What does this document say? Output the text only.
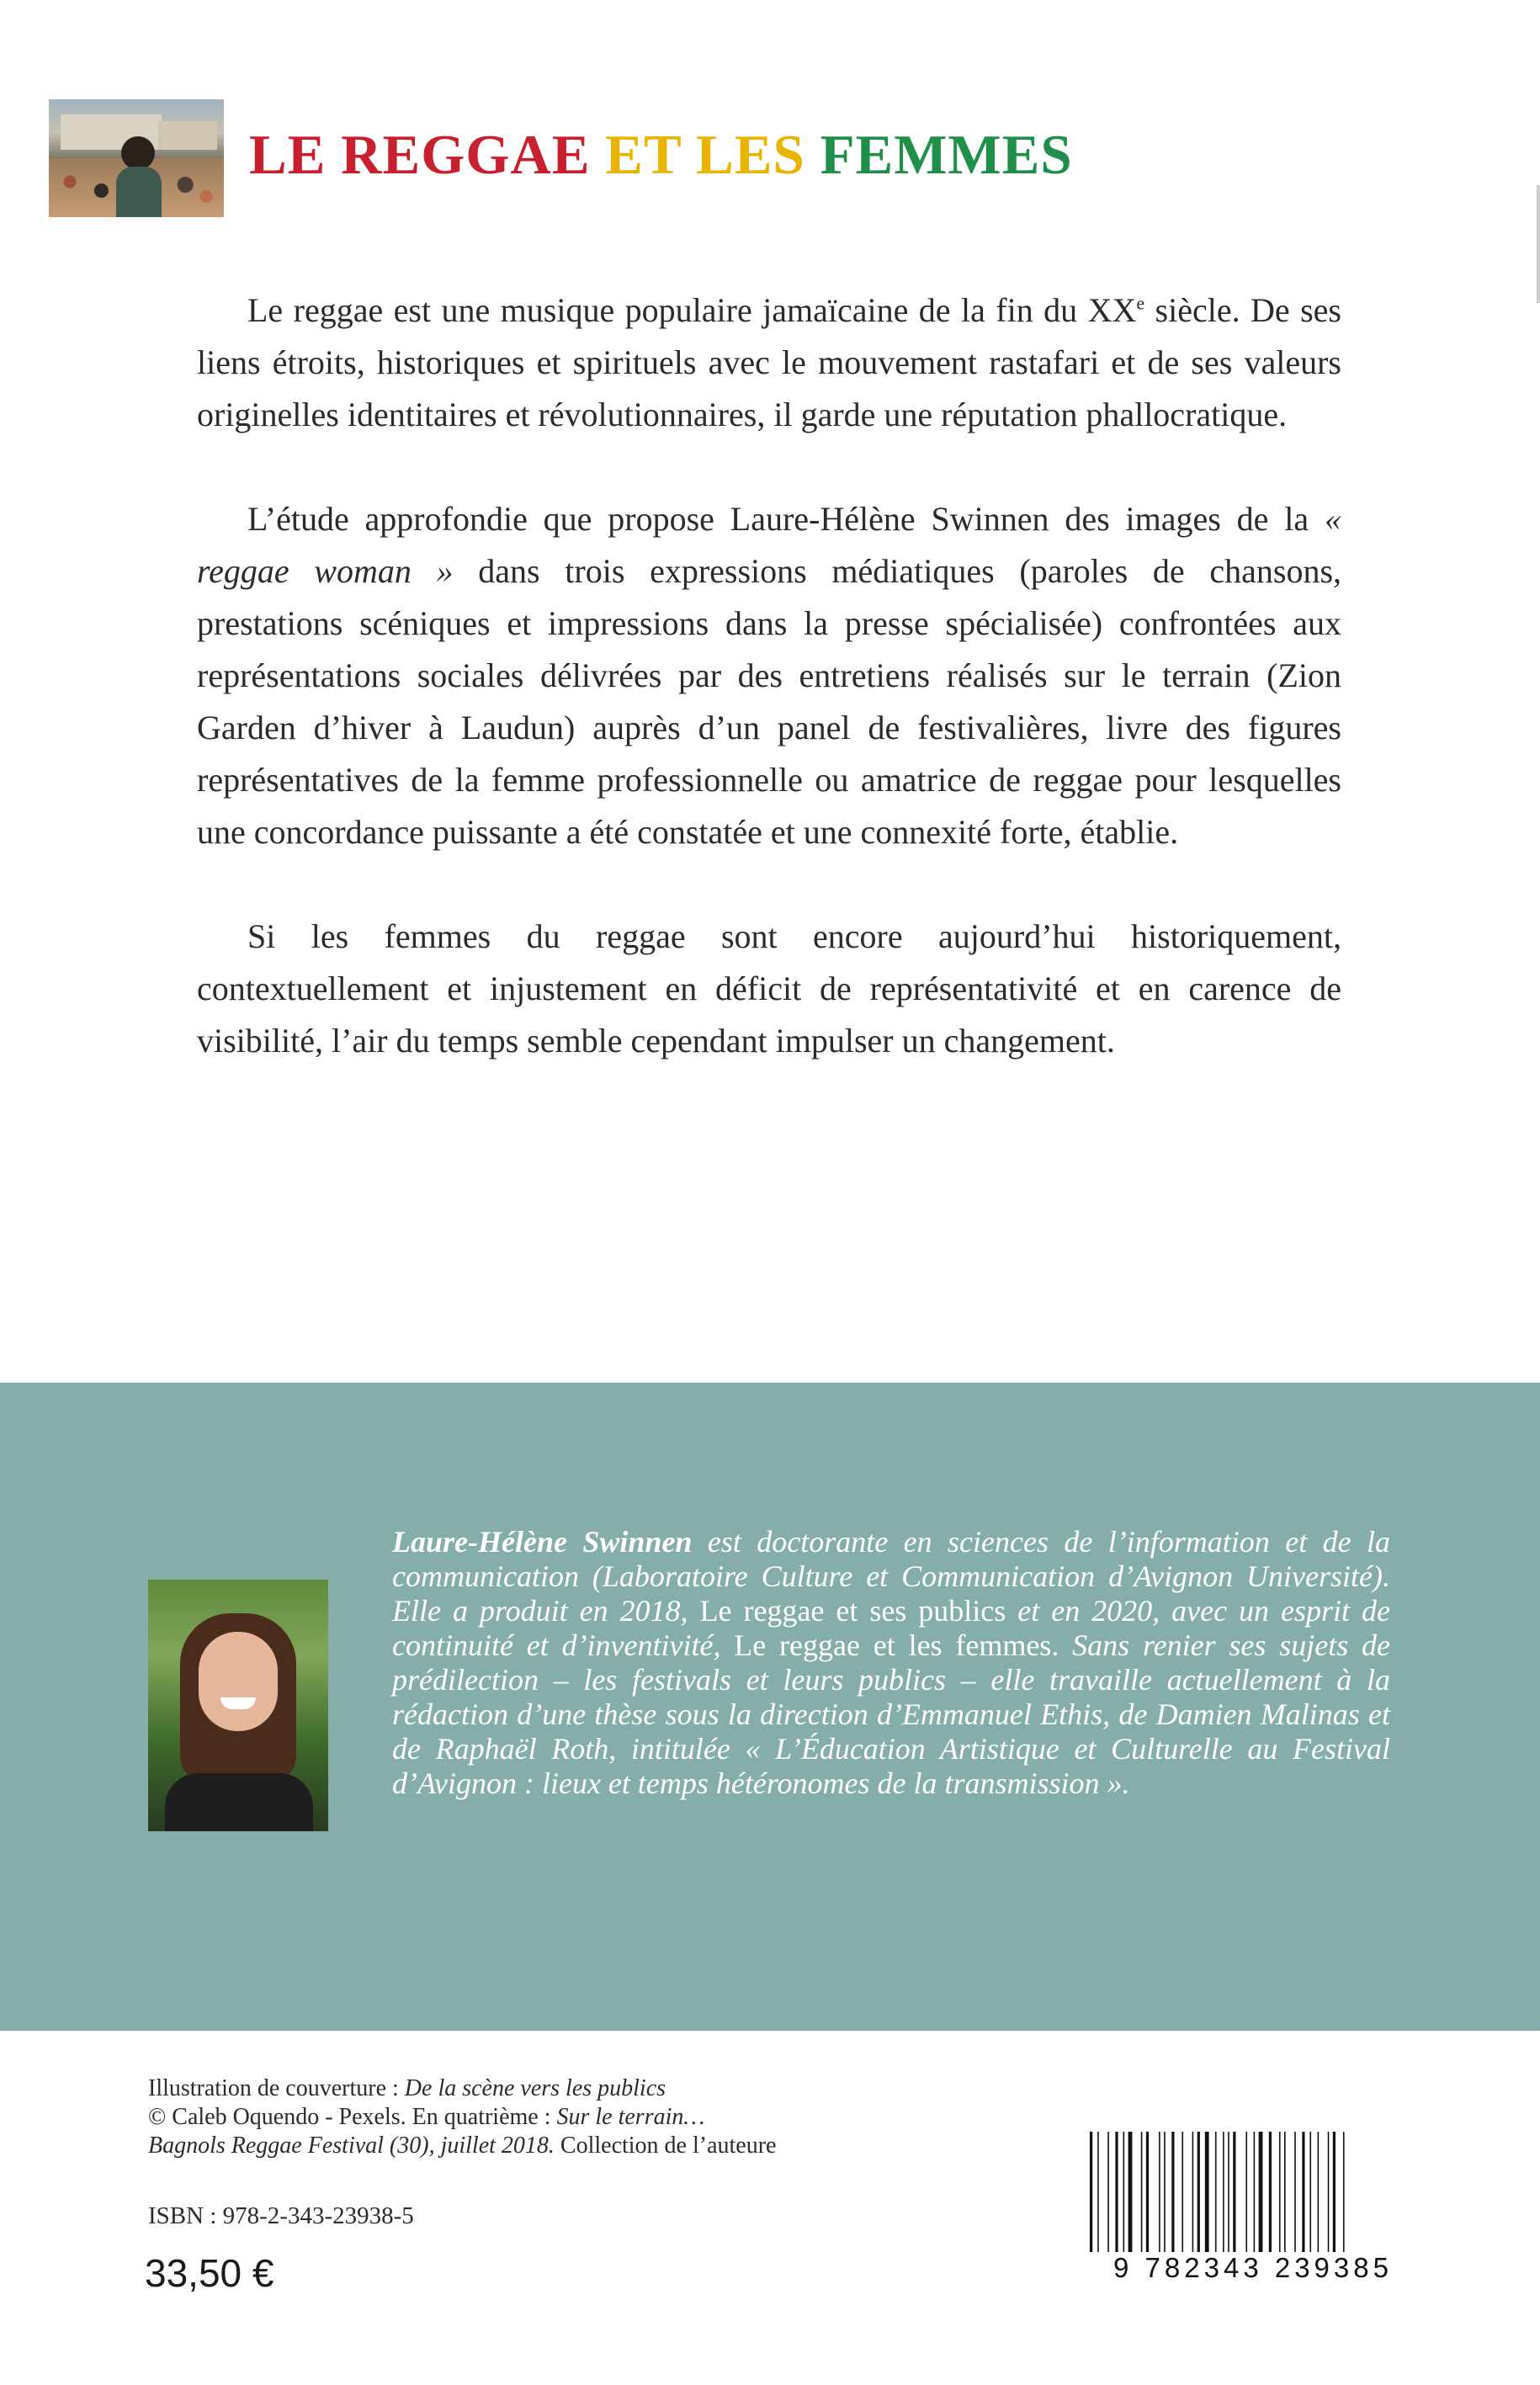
LE REGGAE ET LES FEMMES

Le reggae est une musique populaire jamaïcaine de la fin du XXe siècle. De ses liens étroits, historiques et spirituels avec le mouvement rastafari et de ses valeurs originelles identitaires et révolutionnaires, il garde une réputation phallocratique.

L’étude approfondie que propose Laure-Hélène Swinnen des images de la « reggae woman » dans trois expressions médiatiques (paroles de chansons, prestations scéniques et impressions dans la presse spécialisée) confrontées aux représentations sociales délivrées par des entretiens réalisés sur le terrain (Zion Garden d’hiver à Laudun) auprès d’un panel de festivalières, livre des figures représentatives de la femme professionnelle ou amatrice de reggae pour lesquelles une concordance puissante a été constatée et une connexité forte, établie.

Si les femmes du reggae sont encore aujourd’hui historiquement, contextuellement et injustement en déficit de représentativité et en carence de visibilité, l’air du temps semble cependant impulser un changement.

Laure-Hélène Swinnen est doctorante en sciences de l’information et de la communication (Laboratoire Culture et Communication d’Avignon Université). Elle a produit en 2018, Le reggae et ses publics et en 2020, avec un esprit de continuité et d’inventivité, Le reggae et les femmes. Sans renier ses sujets de prédilection – les festivals et leurs publics – elle travaille actuellement à la rédaction d’une thèse sous la direction d’Emmanuel Ethis, de Damien Malinas et de Raphaël Roth, intitulée « L’Éducation Artistique et Culturelle au Festival d’Avignon : lieux et temps hétéronomes de la transmission ».

Illustration de couverture : De la scène vers les publics
© Caleb Oquendo - Pexels. En quatrième : Sur le terrain…
Bagnols Reggae Festival (30), juillet 2018. Collection de l’auteure

ISBN : 978-2-343-23938-5

33,50 €	9 782343 239385
